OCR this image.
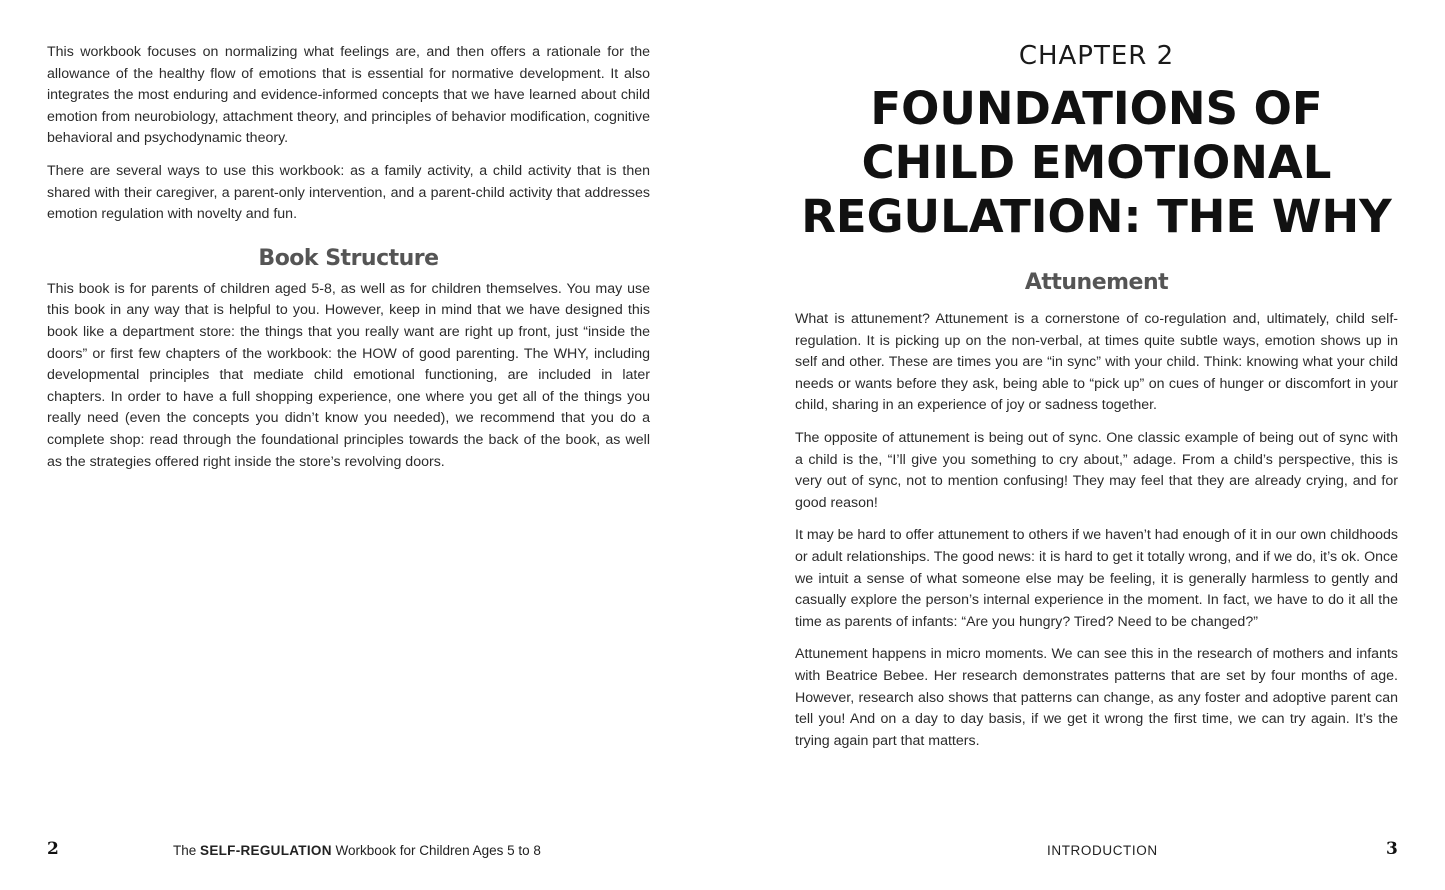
This workbook focuses on normalizing what feelings are, and then offers a rationale for the allowance of the healthy flow of emotions that is essential for normative development. It also integrates the most enduring and evidence-informed concepts that we have learned about child emotion from neurobiology, attachment theory, and principles of behavior modification, cognitive behavioral and psychodynamic theory.

There are several ways to use this workbook: as a family activity, a child activity that is then shared with their caregiver, a parent-only intervention, and a parent-child activity that addresses emotion regulation with novelty and fun.

Book Structure

This book is for parents of children aged 5-8, as well as for children themselves. You may use this book in any way that is helpful to you. However, keep in mind that we have designed this book like a department store: the things that you really want are right up front, just “inside the doors” or first few chapters of the workbook: the HOW of good parenting. The WHY, including developmental principles that mediate child emotional functioning, are included in later chapters. In order to have a full shopping experience, one where you get all of the things you really need (even the concepts you didn’t know you needed), we recommend that you do a complete shop: read through the foundational principles towards the back of the book, as well as the strategies offered right inside the store’s revolving doors.

2	The SELF-REGULATION Workbook for Children Ages 5 to 8
CHAPTER 2
FOUNDATIONS OF
CHILD EMOTIONAL
REGULATION: THE WHY
Attunement

What is attunement? Attunement is a cornerstone of co-regulation and, ultimately, child self-regulation. It is picking up on the non-verbal, at times quite subtle ways, emotion shows up in self and other. These are times you are “in sync” with your child. Think: knowing what your child needs or wants before they ask, being able to “pick up” on cues of hunger or discomfort in your child, sharing in an experience of joy or sadness together.

The opposite of attunement is being out of sync. One classic example of being out of sync with a child is the, “I’ll give you something to cry about,” adage. From a child’s perspective, this is very out of sync, not to mention confusing! They may feel that they are already crying, and for good reason!

It may be hard to offer attunement to others if we haven’t had enough of it in our own childhoods or adult relationships. The good news: it is hard to get it totally wrong, and if we do, it’s ok. Once we intuit a sense of what someone else may be feeling, it is generally harmless to gently and casually explore the person’s internal experience in the moment. In fact, we have to do it all the time as parents of infants: “Are you hungry? Tired? Need to be changed?”

Attunement happens in micro moments. We can see this in the research of mothers and infants with Beatrice Bebee. Her research demonstrates patterns that are set by four months of age. However, research also shows that patterns can change, as any foster and adoptive parent can tell you! And on a day to day basis, if we get it wrong the first time, we can try again. It’s the trying again part that matters.

INTRODUCTION	3
